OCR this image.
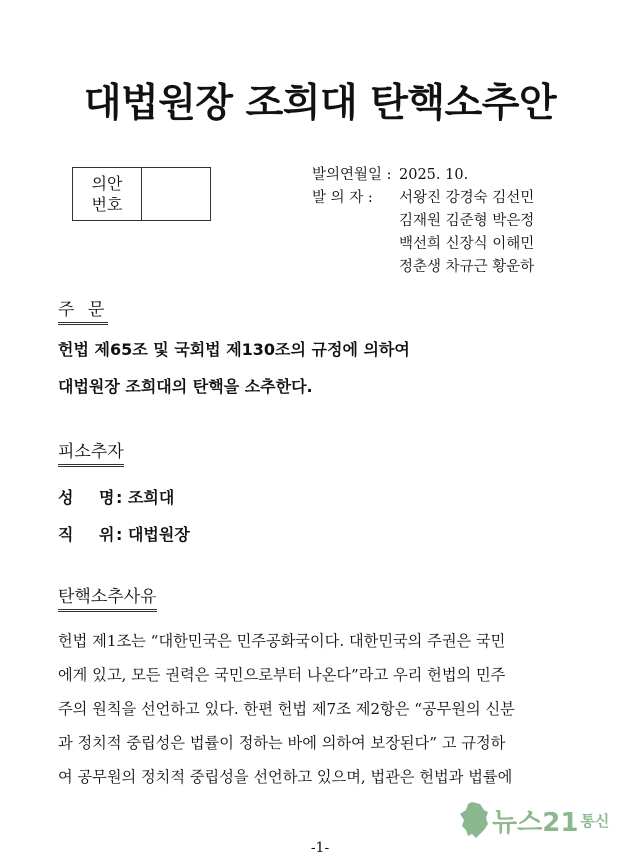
대법원장 조희대 탄핵소추안
의안
번호
발의연월일 : 2025. 10.
발 의 자 :	서왕진 강경숙 김선민
김재원 김준형 박은정
백선희 신장식 이해민
정춘생 차규근 황운하
주 문
헌법 제65조 및 국회법 제130조의 규정에 의하여
대법원장 조희대의 탄핵을 소추한다.
피소추자
성 명
: 조희대
직 위
: 대법원장
탄핵소추사유
헌법 제1조는 “대한민국은 민주공화국이다. 대한민국의 주권은 국민
에게 있고, 모든 권력은 국민으로부터 나온다”라고 우리 헌법의 민주
주의 원칙을 선언하고 있다. 한편 헌법 제7조 제2항은 “공무원의 신분
과 정치적 중립성은 법률이 정하는 바에 의하여 보장된다” 고 규정하
여 공무원의 정치적 중립성을 선언하고 있으며, 법관은 헌법과 법률에
뉴스21 통신
-1-
